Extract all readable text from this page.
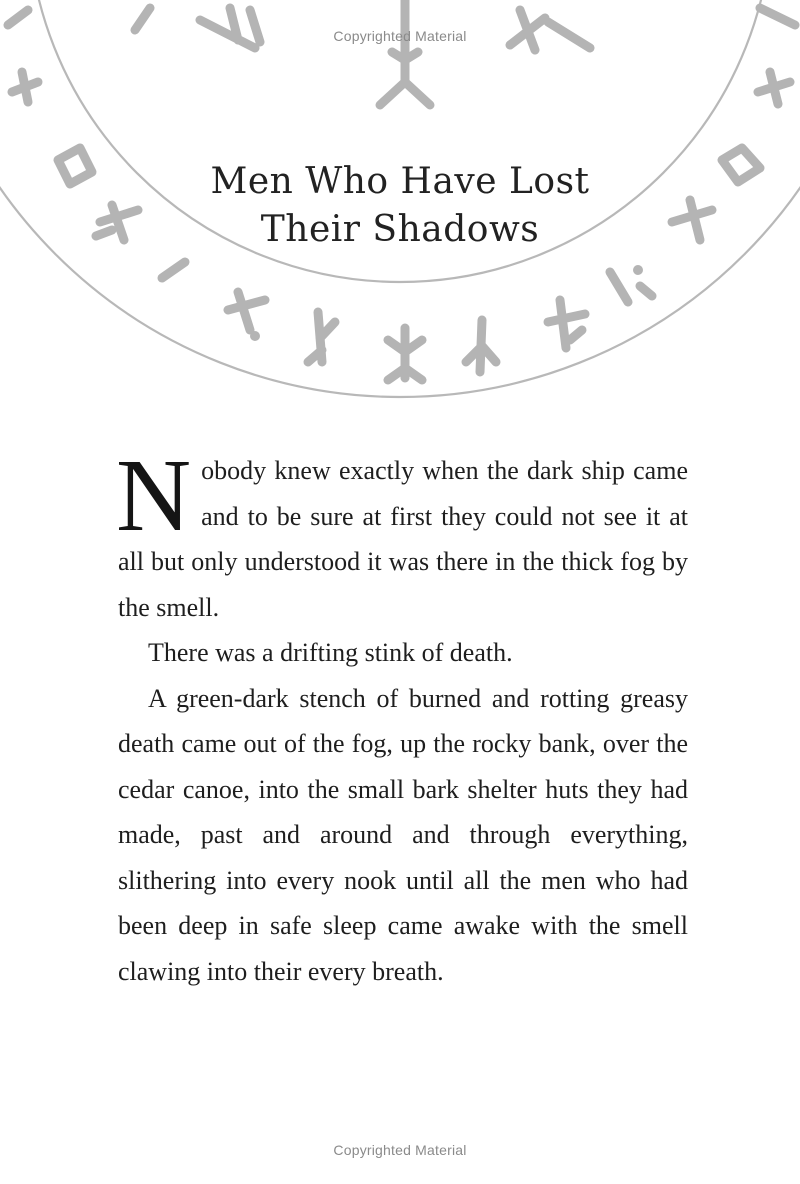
Copyrighted Material
Men Who Have Lost
Their Shadows

Nobody knew exactly when the dark ship came and to be sure at first they could not see it at all but only understood it was there in the thick fog by the smell.

There was a drifting stink of death.

A green-dark stench of burned and rotting greasy death came out of the fog, up the rocky bank, over the cedar canoe, into the small bark shelter huts they had made, past and around and through everything, slithering into every nook until all the men who had been deep in safe sleep came awake with the smell clawing into their every breath.

Copyrighted Material
